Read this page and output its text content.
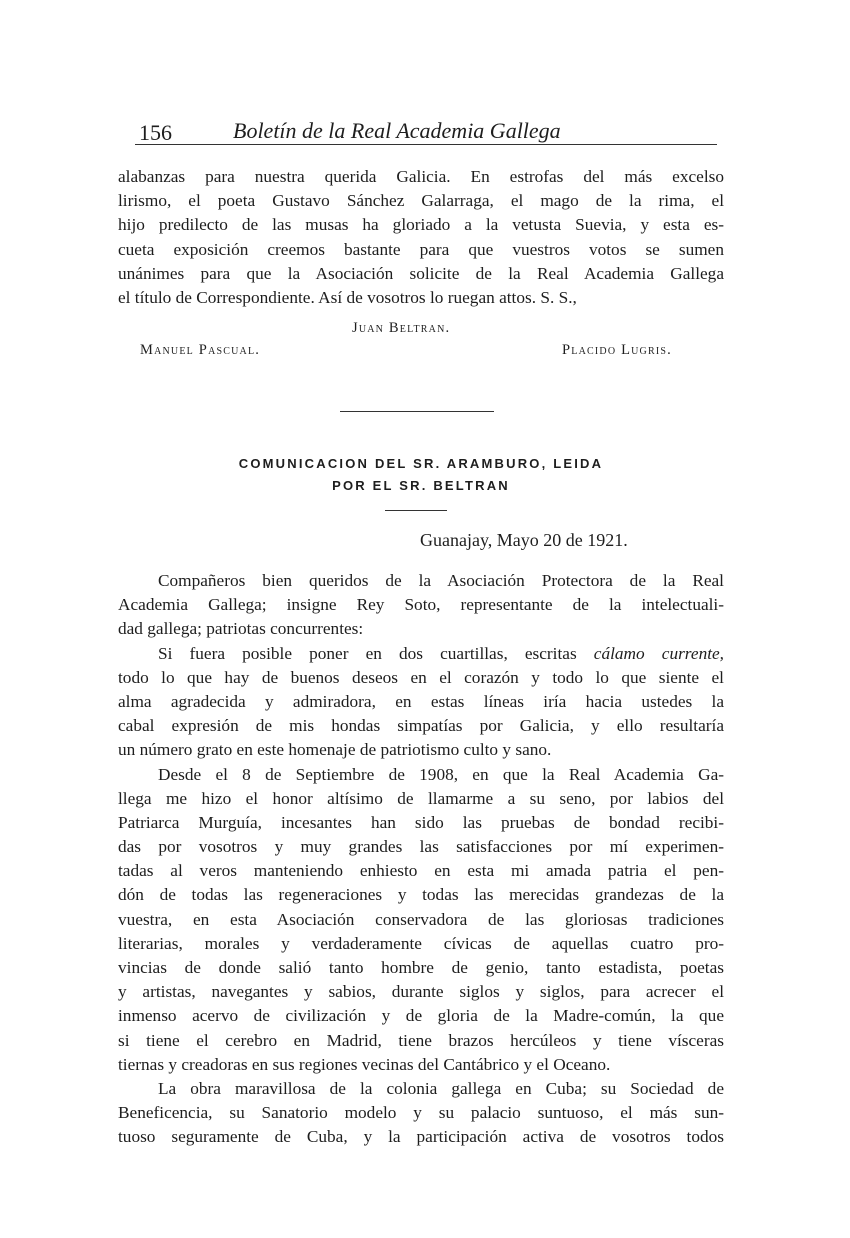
156	Boletín de la Real Academia Gallega
alabanzas para nuestra querida Galicia. En estrofas del más excelso
lirismo, el poeta Gustavo Sánchez Galarraga, el mago de la rima, el
hijo predilecto de las musas ha gloriado a la vetusta Suevia, y esta es-
cueta exposición creemos bastante para que vuestros votos se sumen
unánimes para que la Asociación solicite de la Real Academia Gallega
el título de Correspondiente. Así de vosotros lo ruegan attos. S. S.,
Juan Beltran.
Manuel Pascual.	Placido Lugris.
COMUNICACION DEL SR. ARAMBURO, LEIDA
POR EL SR. BELTRAN
Guanajay, Mayo 20 de 1921.
Compañeros bien queridos de la Asociación Protectora de la Real
Academia Gallega; insigne Rey Soto, representante de la intelectuali-
dad gallega; patriotas concurrentes:
Si fuera posible poner en dos cuartillas, escritas cálamo currente,
todo lo que hay de buenos deseos en el corazón y todo lo que siente el
alma agradecida y admiradora, en estas líneas iría hacia ustedes la
cabal expresión de mis hondas simpatías por Galicia, y ello resultaría
un número grato en este homenaje de patriotismo culto y sano.
Desde el 8 de Septiembre de 1908, en que la Real Academia Ga-
llega me hizo el honor altísimo de llamarme a su seno, por labios del
Patriarca Murguía, incesantes han sido las pruebas de bondad recibi-
das por vosotros y muy grandes las satisfacciones por mí experimen-
tadas al veros manteniendo enhiesto en esta mi amada patria el pen-
dón de todas las regeneraciones y todas las merecidas grandezas de la
vuestra, en esta Asociación conservadora de las gloriosas tradiciones
literarias, morales y verdaderamente cívicas de aquellas cuatro pro-
vincias de donde salió tanto hombre de genio, tanto estadista, poetas
y artistas, navegantes y sabios, durante siglos y siglos, para acrecer el
inmenso acervo de civilización y de gloria de la Madre-común, la que
si tiene el cerebro en Madrid, tiene brazos hercúleos y tiene vísceras
tiernas y creadoras en sus regiones vecinas del Cantábrico y el Oceano.
La obra maravillosa de la colonia gallega en Cuba; su Sociedad de
Beneficencia, su Sanatorio modelo y su palacio suntuoso, el más sun-
tuoso seguramente de Cuba, y la participación activa de vosotros todos
